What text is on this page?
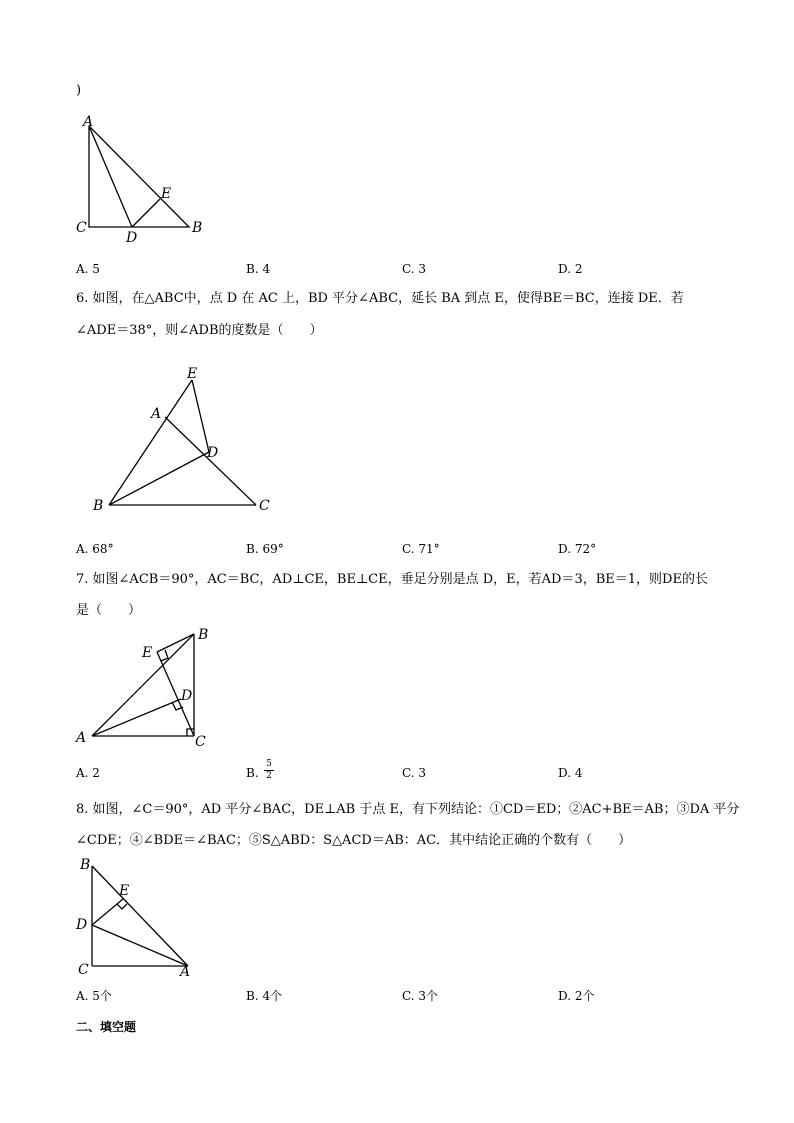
)
A
C
D
B
E
A. 5	B. 4	C. 3	D. 2
6. 如图，在△ABC中，点 D 在 AC 上，BD 平分∠ABC，延长 BA 到点 E，使得BE＝BC，连接 DE．若
∠ADE＝38°，则∠ADB的度数是（　　）
E
A
D
B	C
A. 68°	B. 69°	C. 71°	D. 72°
7. 如图∠ACB＝90°，AC＝BC，AD⊥CE，BE⊥CE，垂足分别是点 D，E，若AD＝3，BE＝1，则DE的长
是（　　）
E
B
D
A	C
A. 2	B.
5
2	C. 3	D. 4
8. 如图，∠C＝90°，AD 平分∠BAC，DE⊥AB 于点 E，有下列结论：①CD＝ED；②AC+BE＝AB；③DA 平分
∠CDE；④∠BDE＝∠BAC；⑤S△ABD：S△ACD＝AB：AC．其中结论正确的个数有（　　）
B
E
D
C	A
A. 5个	B. 4个	C. 3个	D. 2个
二、填空题
